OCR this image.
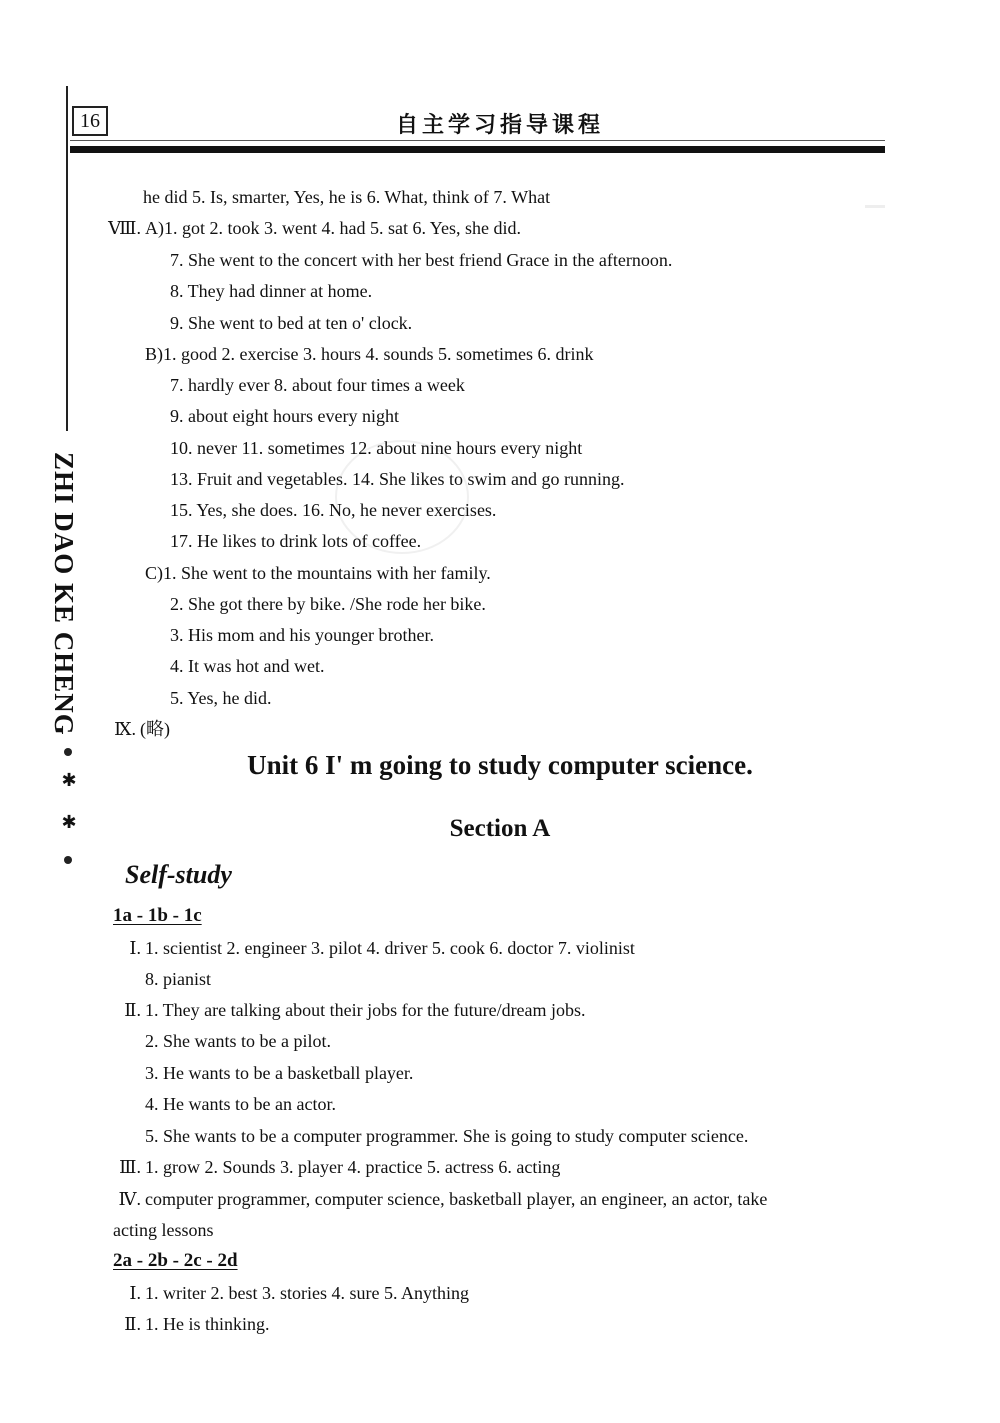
16	自主学习指导课程
ZHI DAO KE CHENG
✱
✱
he did 5. Is, smarter, Yes, he is 6. What, think of 7. What
Ⅷ. A)1. got 2. took 3. went 4. had 5. sat 6. Yes, she did.
7. She went to the concert with her best friend Grace in the afternoon.
8. They had dinner at home.
9. She went to bed at ten o' clock.
B)1. good 2. exercise 3. hours 4. sounds 5. sometimes 6. drink
7. hardly ever 8. about four times a week
9. about eight hours every night
10. never 11. sometimes 12. about nine hours every night
13. Fruit and vegetables. 14. She likes to swim and go running.
15. Yes, she does. 16. No, he never exercises.
17. He likes to drink lots of coffee.
C)1. She went to the mountains with her family.
2. She got there by bike. /She rode her bike.
3. His mom and his younger brother.
4. It was hot and wet.
5. Yes, he did.
Ⅸ. (略)
Unit 6 I' m going to study computer science.
Section A
Self-study
1a - 1b - 1c
Ⅰ. 1. scientist 2. engineer 3. pilot 4. driver 5. cook 6. doctor 7. violinist
8. pianist
Ⅱ. 1. They are talking about their jobs for the future/dream jobs.
2. She wants to be a pilot.
3. He wants to be a basketball player.
4. He wants to be an actor.
5. She wants to be a computer programmer. She is going to study computer science.
Ⅲ. 1. grow 2. Sounds 3. player 4. practice 5. actress 6. acting
Ⅳ. computer programmer, computer science, basketball player, an engineer, an actor, take
acting lessons
2a - 2b - 2c - 2d
Ⅰ. 1. writer 2. best 3. stories 4. sure 5. Anything
Ⅱ. 1. He is thinking.
